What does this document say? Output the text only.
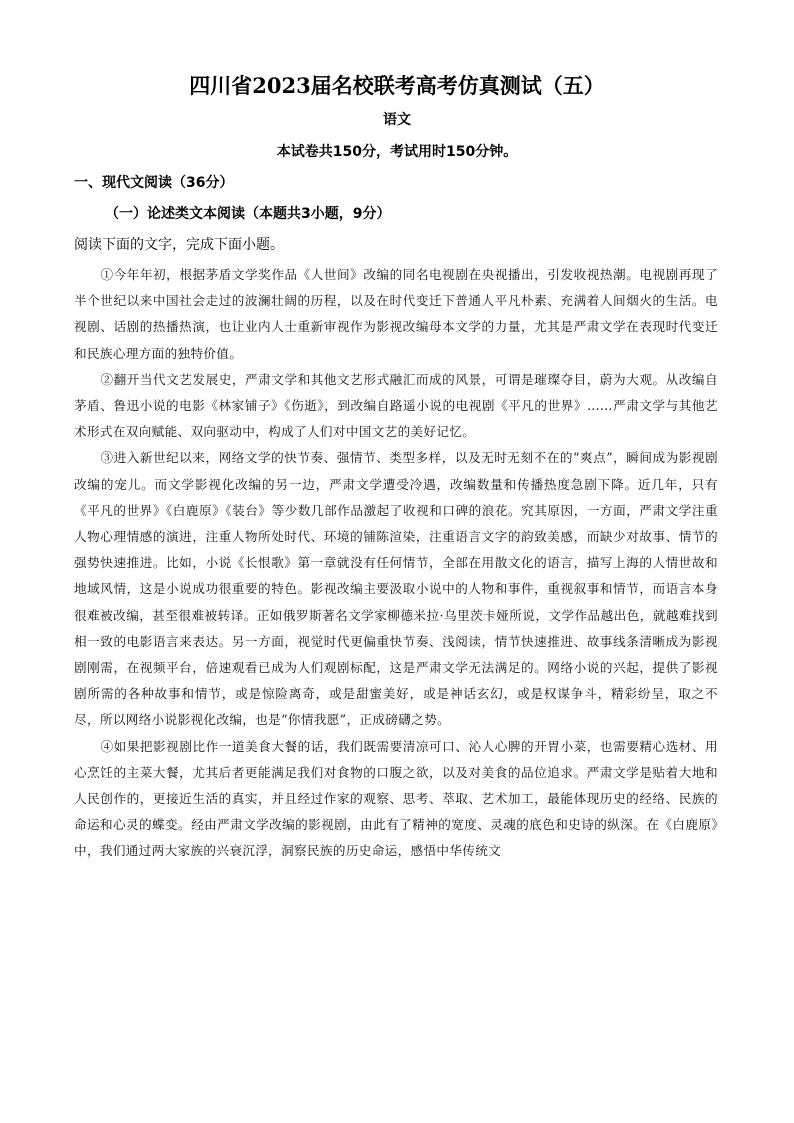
四川省2023届名校联考高考仿真测试（五）
语文
本试卷共150分，考试用时150分钟。
一、现代文阅读（36分）
（一）论述类文本阅读（本题共3小题，9分）
阅读下面的文字，完成下面小题。

①今年年初，根据茅盾文学奖作品《人世间》改编的同名电视剧在央视播出，引发收视热潮。电视剧再现了半个世纪以来中国社会走过的波澜壮阔的历程，以及在时代变迁下普通人平凡朴素、充满着人间烟火的生活。电视剧、话剧的热播热演，也让业内人士重新审视作为影视改编母本文学的力量，尤其是严肃文学在表现时代变迁和民族心理方面的独特价值。

②翻开当代文艺发展史，严肃文学和其他文艺形式融汇而成的风景，可谓是璀璨夺目，蔚为大观。从改编自茅盾、鲁迅小说的电影《林家铺子》《伤逝》，到改编自路遥小说的电视剧《平凡的世界》……严肃文学与其他艺术形式在双向赋能、双向驱动中，构成了人们对中国文艺的美好记忆。

③进入新世纪以来，网络文学的快节奏、强情节、类型多样，以及无时无刻不在的“爽点”，瞬间成为影视剧改编的宠儿。而文学影视化改编的另一边，严肃文学遭受冷遇，改编数量和传播热度急剧下降。近几年，只有《平凡的世界》《白鹿原》《装台》等少数几部作品激起了收视和口碑的浪花。究其原因，一方面，严肃文学注重人物心理情感的演进，注重人物所处时代、环境的铺陈渲染，注重语言文字的韵致美感，而缺少对故事、情节的强势快速推进。比如，小说《长恨歌》第一章就没有任何情节，全部在用散文化的语言，描写上海的人情世故和地域风情，这是小说成功很重要的特色。影视改编主要汲取小说中的人物和事件，重视叙事和情节，而语言本身很难被改编，甚至很难被转译。正如俄罗斯著名文学家柳德米拉·乌里茨卡娅所说，文学作品越出色，就越难找到相一致的电影语言来表达。另一方面，视觉时代更偏重快节奏、浅阅读，情节快速推进、故事线条清晰成为影视剧刚需，在视频平台，倍速观看已成为人们观剧标配，这是严肃文学无法满足的。网络小说的兴起，提供了影视剧所需的各种故事和情节，或是惊险离奇，或是甜蜜美好，或是神话玄幻，或是权谋争斗，精彩纷呈，取之不尽，所以网络小说影视化改编，也是“你情我愿”，正成磅礴之势。

④如果把影视剧比作一道美食大餐的话，我们既需要清凉可口、沁人心脾的开胃小菜，也需要精心选材、用心烹饪的主菜大餐，尤其后者更能满足我们对食物的口腹之欲，以及对美食的品位追求。严肃文学是贴着大地和人民创作的，更接近生活的真实，并且经过作家的观察、思考、萃取、艺术加工，最能体现历史的经络、民族的命运和心灵的蝶变。经由严肃文学改编的影视剧，由此有了精神的宽度、灵魂的底色和史诗的纵深。在《白鹿原》中，我们通过两大家族的兴衰沉浮，洞察民族的历史命运，感悟中华传统文
